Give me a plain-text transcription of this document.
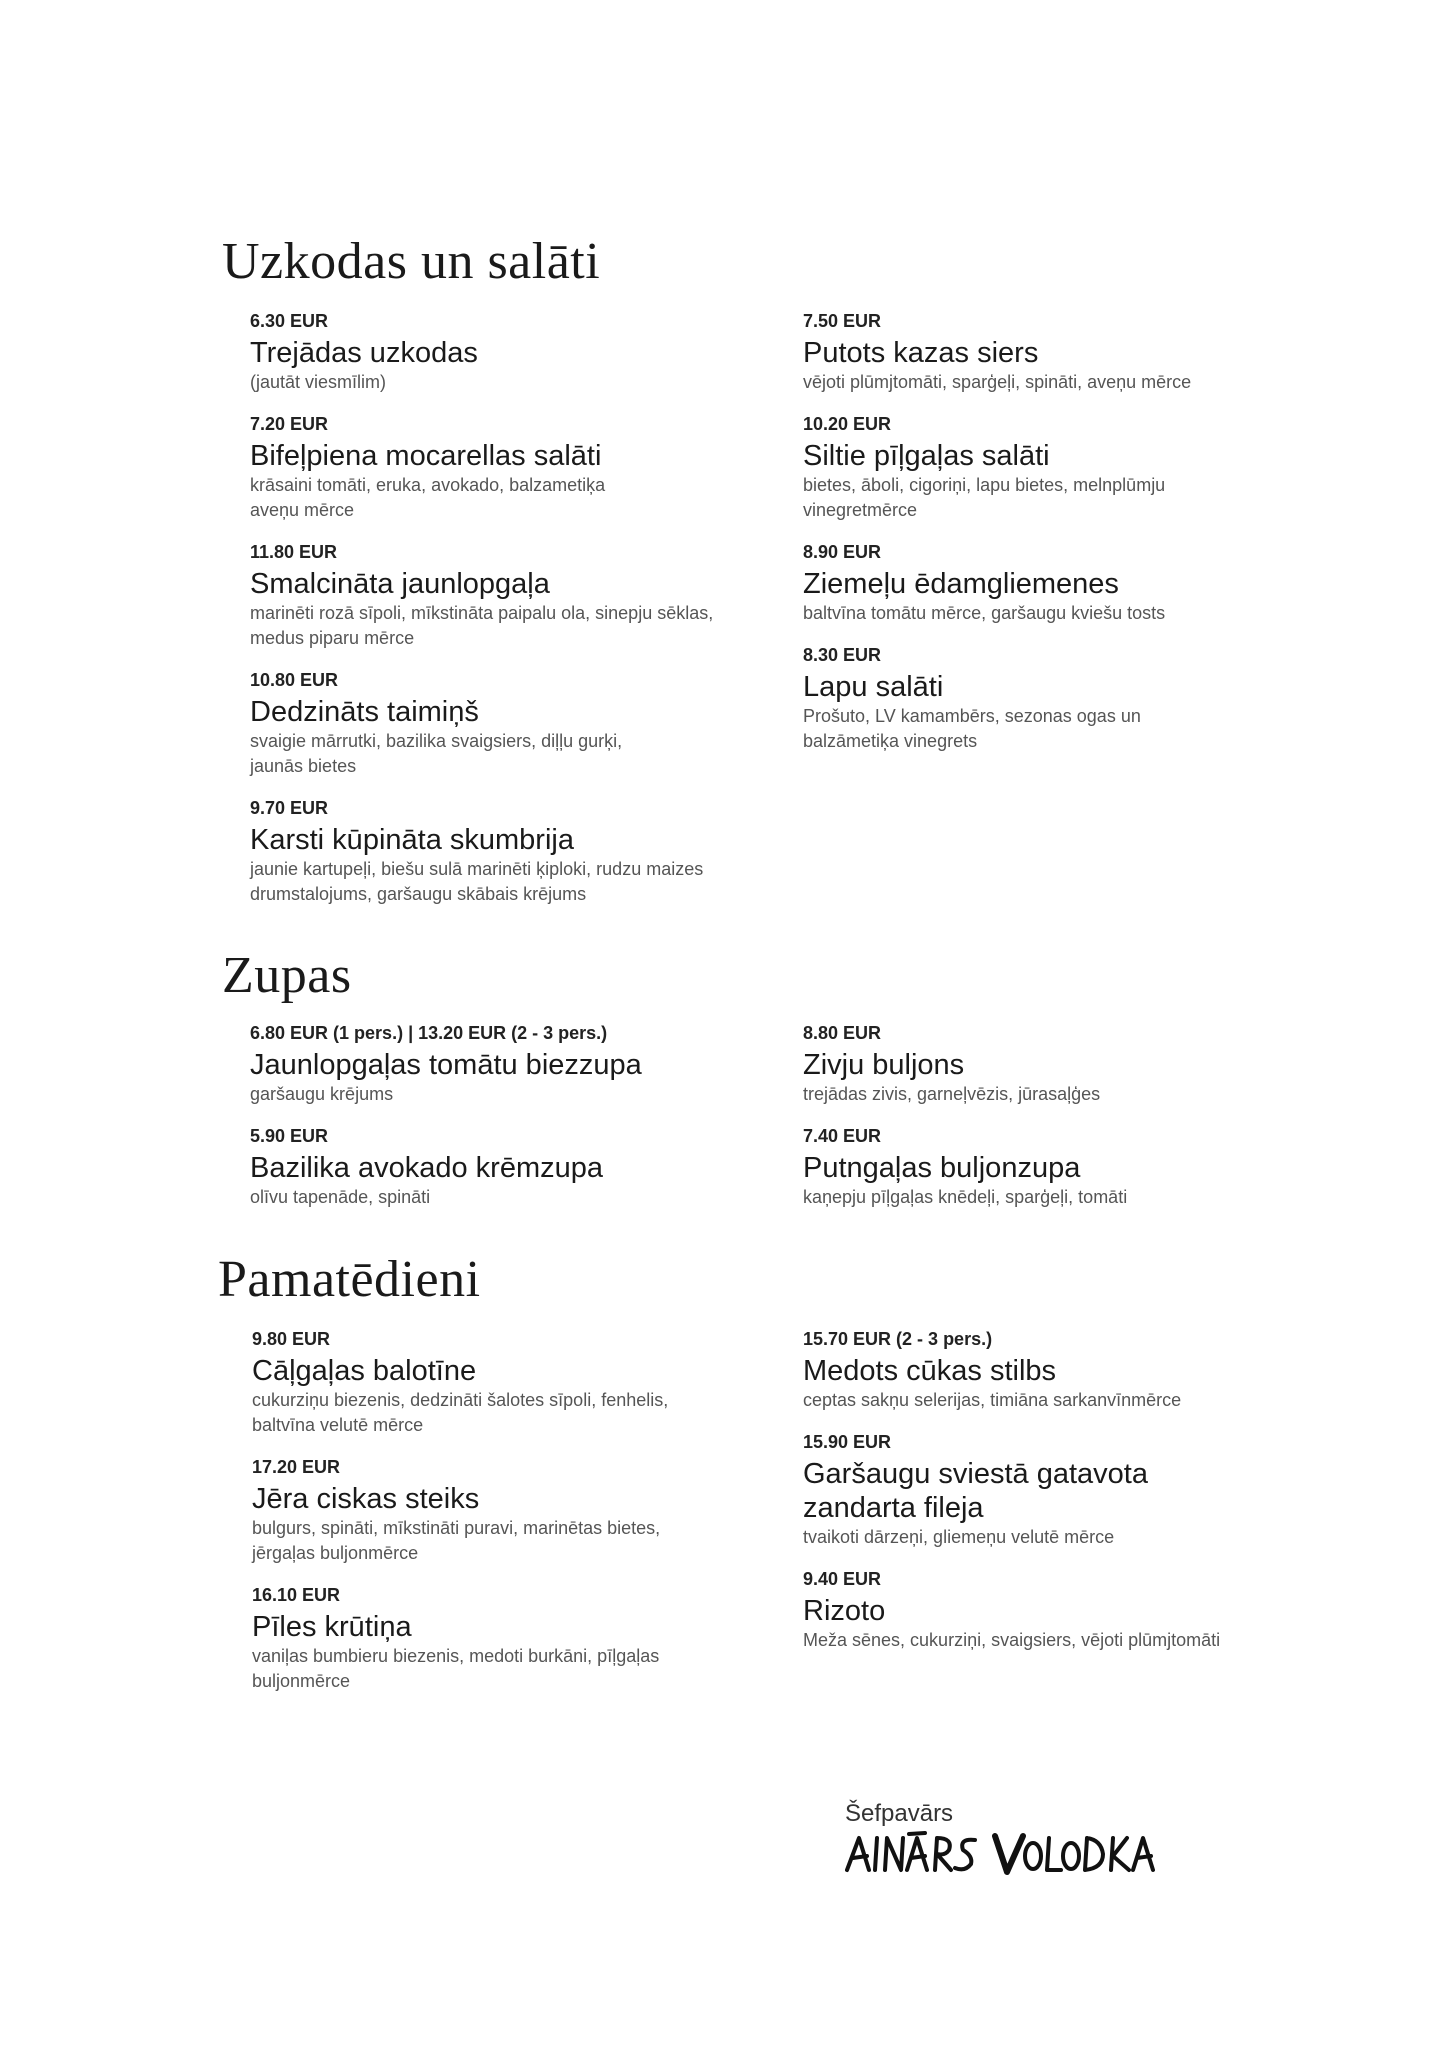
Uzkodas un salāti
6.30 EUR
Trejādas uzkodas
(jautāt viesmīlim)
7.20 EUR
Bifeļpiena mocarellas salāti
krāsaini tomāti, eruka, avokado, balzametiķa
aveņu mērce
11.80 EUR
Smalcināta jaunlopgaļa
marinēti rozā sīpoli, mīkstināta paipalu ola, sinepju sēklas,
medus piparu mērce
10.80 EUR
Dedzināts taimiņš
svaigie mārrutki, bazilika svaigsiers, diļļu gurķi,
jaunās bietes
9.70 EUR
Karsti kūpināta skumbrija
jaunie kartupeļi, biešu sulā marinēti ķiploki, rudzu maizes
drumstalojums, garšaugu skābais krējums
7.50 EUR
Putots kazas siers
vējoti plūmjtomāti, sparģeļi, spināti, aveņu mērce
10.20 EUR
Siltie pīļgaļas salāti
bietes, āboli, cigoriņi, lapu bietes, melnplūmju
vinegretmērce
8.90 EUR
Ziemeļu ēdamgliemenes
baltvīna tomātu mērce, garšaugu kviešu tosts
8.30 EUR
Lapu salāti
Prošuto, LV kamambērs, sezonas ogas un
balzāmetiķa vinegrets
Zupas
6.80 EUR (1 pers.) | 13.20 EUR (2 - 3 pers.)
Jaunlopgaļas tomātu biezzupa
garšaugu krējums
5.90 EUR
Bazilika avokado krēmzupa
olīvu tapenāde, spināti
8.80 EUR
Zivju buljons
trejādas zivis, garneļvēzis, jūrasaļģes
7.40 EUR
Putngaļas buljonzupa
kaņepju pīļgaļas knēdeļi, sparģeļi, tomāti
Pamatēdieni
9.80 EUR
Cāļgaļas balotīne
cukurziņu biezenis, dedzināti šalotes sīpoli, fenhelis,
baltvīna velutē mērce
17.20 EUR
Jēra ciskas steiks
bulgurs, spināti, mīkstināti puravi, marinētas bietes,
jērgaļas buljonmērce
16.10 EUR
Pīles krūtiņa
vaniļas bumbieru biezenis, medoti burkāni, pīļgaļas
buljonmērce
15.70 EUR (2 - 3 pers.)
Medots cūkas stilbs
ceptas sakņu selerijas, timiāna sarkanvīnmērce
15.90 EUR
Garšaugu sviestā gatavota
zandarta fileja
tvaikoti dārzeņi, gliemeņu velutē mērce
9.40 EUR
Rizoto
Meža sēnes, cukurziņi, svaigsiers, vējoti plūmjtomāti
Šefpavārs
